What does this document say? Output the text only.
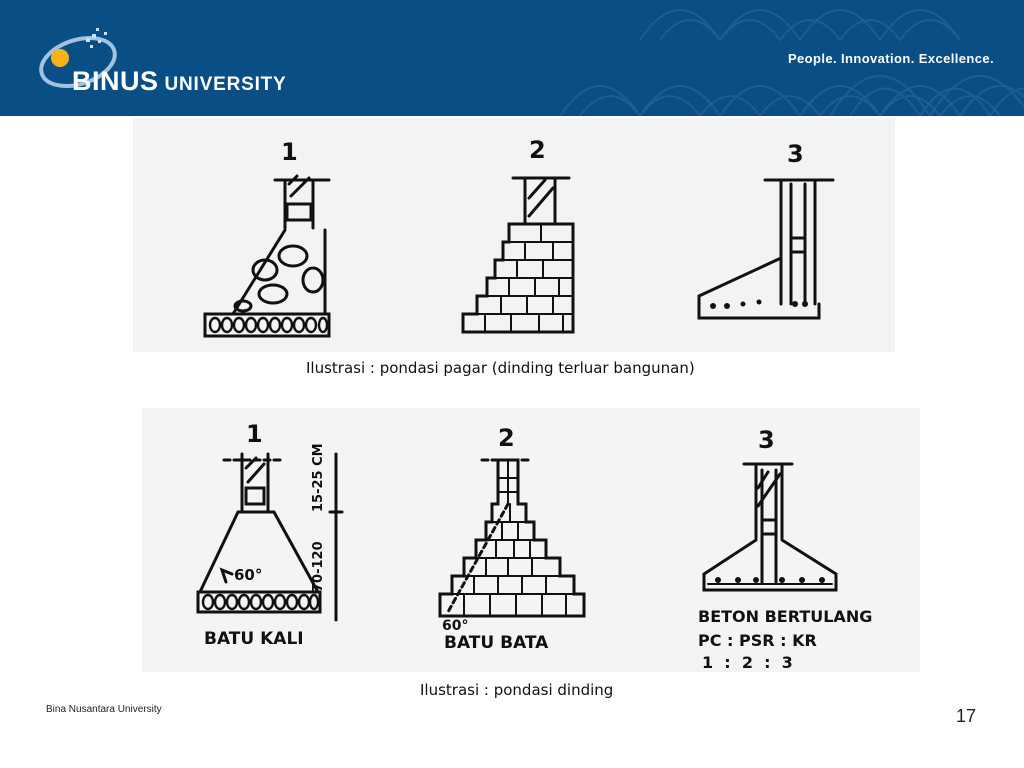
BINUS UNIVERSITY
People. Innovation. Excellence.
1	2	3
Ilustrasi : pondasi pagar (dinding terluar bangunan)
1	2	3
15-25 CM
70-120
60°
60°
BATU KALI	BATU BATA
BETON BERTULANG
PC : PSR : KR
1  :  2  :  3
Ilustrasi : pondasi dinding
Bina Nusantara University	17
